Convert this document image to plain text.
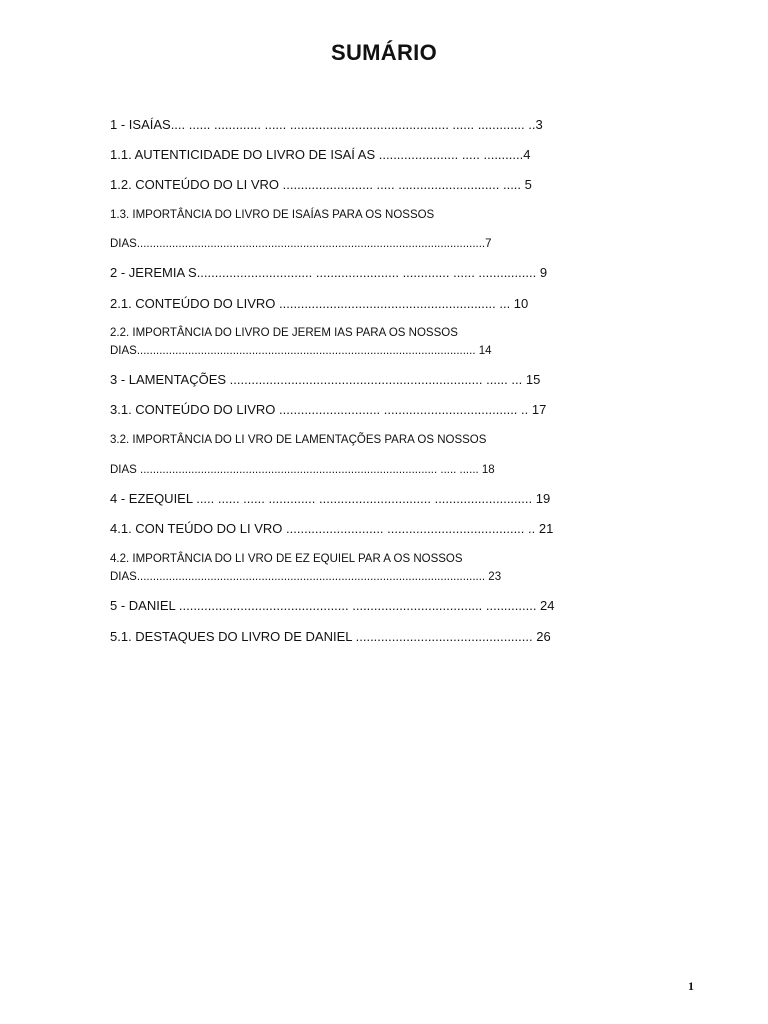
SUMÁRIO
1 - ISAÍAS.... ...... ............. ...... ............................................ ...... ............. ..3
1.1. AUTENTICIDADE DO LIVRO DE ISAÍ AS ...................... ..... ...........4
1.2. CONTEÚDO DO LI VRO ......................... ..... ............................ ..... 5
1.3. IMPORTÂNCIA DO LIVRO DE ISAÍAS PARA OS NOSSOS
DIAS.............................................................................................................7
2 - JEREMIA S................................ ....................... ............. ...... ................ 9
2.1. CONTEÚDO DO LIVRO ............................................................ ... 10
2.2. IMPORTÂNCIA DO LIVRO DE JEREM IAS PARA OS NOSSOS
DIAS.......................................................................................................... 14
3 - LAMENTAÇÕES ...................................................................... ...... ... 15
3.1. CONTEÚDO DO LIVRO ............................ ..................................... .. 17
3.2. IMPORTÂNCIA DO LI VRO DE LAMENTAÇÕES PARA OS NOSSOS
DIAS ............................................................................................. ..... ...... 18
4 - EZEQUIEL ..... ...... ...... ............. ............................... ........................... 19
4.1. CON TEÚDO DO LI VRO ........................... ...................................... .. 21
4.2. IMPORTÂNCIA DO LI VRO DE EZ EQUIEL PAR A OS NOSSOS
DIAS............................................................................................................. 23
5 - DANIEL ............................................... .................................... .............. 24
5.1. DESTAQUES DO LIVRO DE DANIEL ................................................. 26
1
